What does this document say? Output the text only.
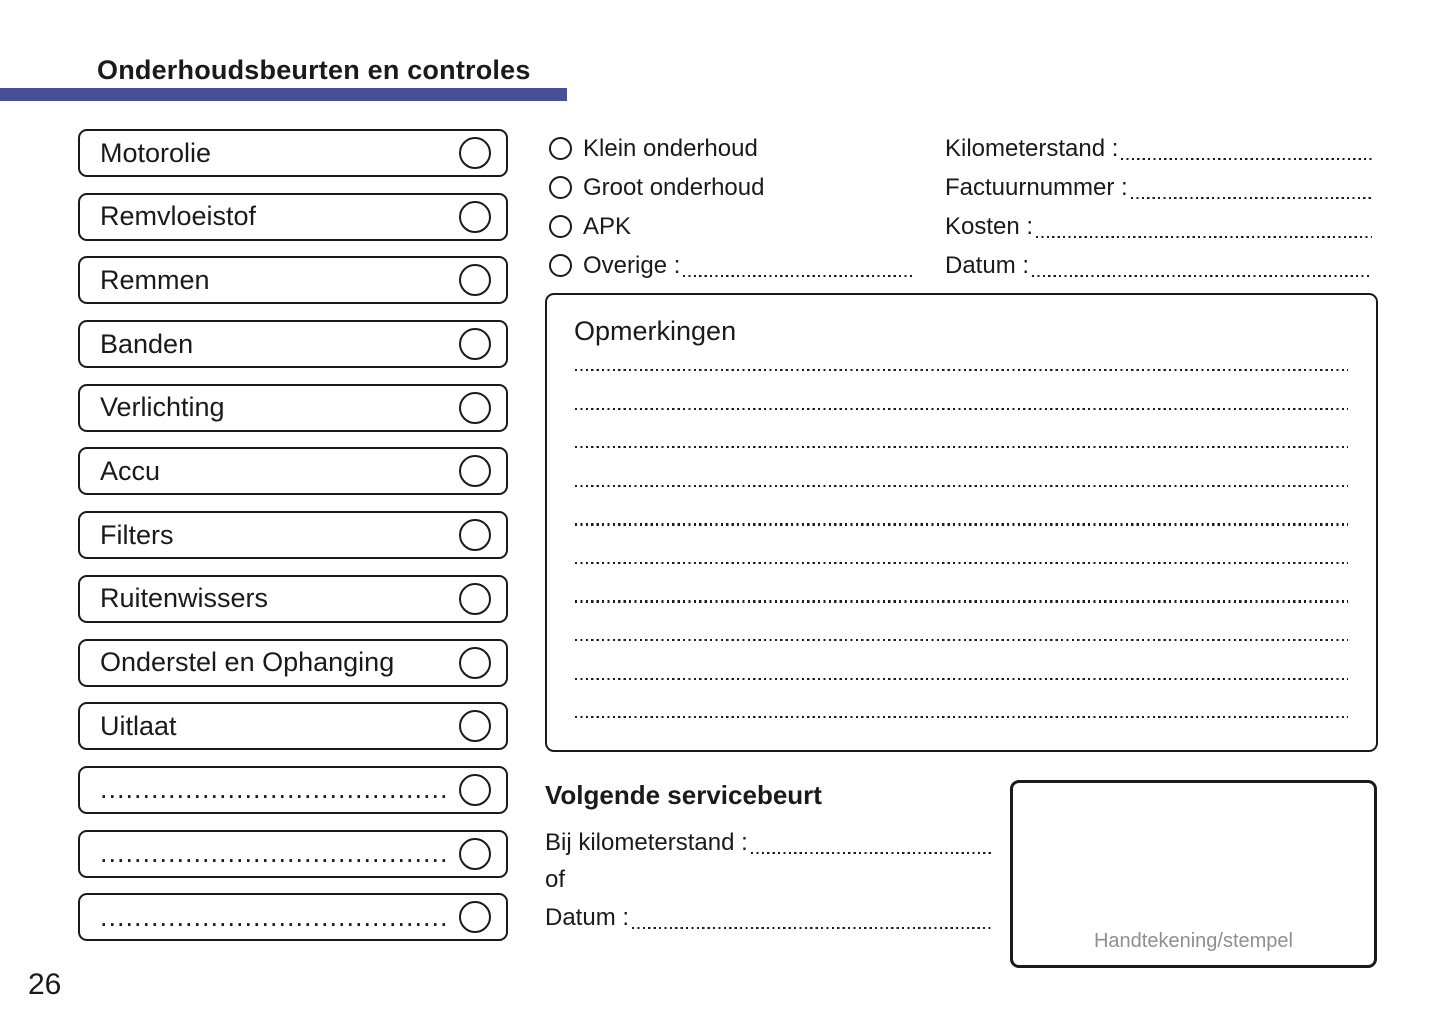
Onderhoudsbeurten en controles
Motorolie
Remvloeistof
Remmen
Banden
Verlichting
Accu
Filters
Ruitenwissers
Onderstel en Ophanging
Uitlaat
.........................................
.........................................
.........................................
Klein onderhoud
Groot onderhoud
APK
Overige :
Kilometerstand :
Factuurnummer :
Kosten :
Datum :
Opmerkingen
Volgende servicebeurt
Bij kilometerstand :
of
Datum :
Handtekening/stempel
26
